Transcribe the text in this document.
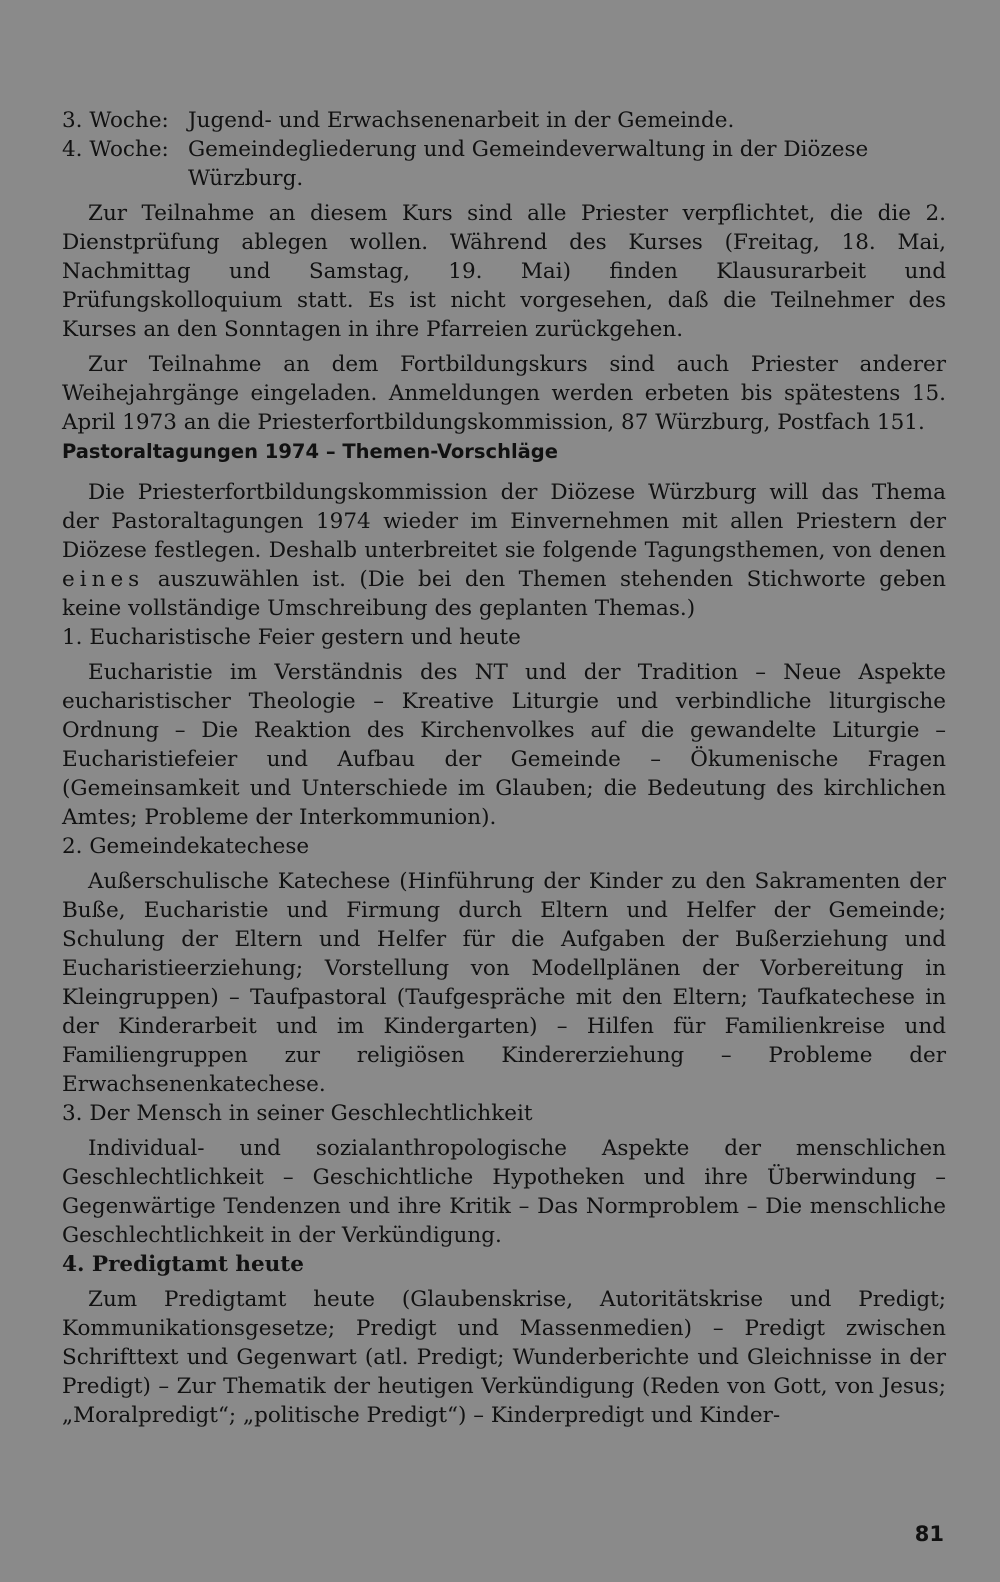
3. Woche: Jugend- und Erwachsenenarbeit in der Gemeinde.
4. Woche: Gemeindegliederung und Gemeindeverwaltung in der Diözese Würzburg.

Zur Teilnahme an diesem Kurs sind alle Priester verpflichtet, die die 2. Dienstprüfung ablegen wollen. Während des Kurses (Freitag, 18. Mai, Nachmittag und Samstag, 19. Mai) finden Klausurarbeit und Prüfungskolloquium statt. Es ist nicht vorgesehen, daß die Teilnehmer des Kurses an den Sonntagen in ihre Pfarreien zurückgehen.

Zur Teilnahme an dem Fortbildungskurs sind auch Priester anderer Weihejahrgänge eingeladen. Anmeldungen werden erbeten bis spätestens 15. April 1973 an die Priesterfortbildungskommission, 87 Würzburg, Postfach 151.

Pastoraltagungen 1974 – Themen-Vorschläge

Die Priesterfortbildungskommission der Diözese Würzburg will das Thema der Pastoraltagungen 1974 wieder im Einvernehmen mit allen Priestern der Diözese festlegen. Deshalb unterbreitet sie folgende Tagungsthemen, von denen eines auszuwählen ist. (Die bei den Themen stehenden Stichworte geben keine vollständige Umschreibung des geplanten Themas.)

1. Eucharistische Feier gestern und heute

Eucharistie im Verständnis des NT und der Tradition – Neue Aspekte eucharistischer Theologie – Kreative Liturgie und verbindliche liturgische Ordnung – Die Reaktion des Kirchenvolkes auf die gewandelte Liturgie – Eucharistiefeier und Aufbau der Gemeinde – Ökumenische Fragen (Gemeinsamkeit und Unterschiede im Glauben; die Bedeutung des kirchlichen Amtes; Probleme der Interkommunion).

2. Gemeindekatechese

Außerschulische Katechese (Hinführung der Kinder zu den Sakramenten der Buße, Eucharistie und Firmung durch Eltern und Helfer der Gemeinde; Schulung der Eltern und Helfer für die Aufgaben der Bußerziehung und Eucharistieerziehung; Vorstellung von Modellplänen der Vorbereitung in Kleingruppen) – Taufpastoral (Taufgespräche mit den Eltern; Taufkatechese in der Kinderarbeit und im Kindergarten) – Hilfen für Familienkreise und Familiengruppen zur religiösen Kindererziehung – Probleme der Erwachsenenkatechese.

3. Der Mensch in seiner Geschlechtlichkeit

Individual- und sozialanthropologische Aspekte der menschlichen Geschlechtlichkeit – Geschichtliche Hypotheken und ihre Überwindung – Gegenwärtige Tendenzen und ihre Kritik – Das Normproblem – Die menschliche Geschlechtlichkeit in der Verkündigung.

4. Predigtamt heute

Zum Predigtamt heute (Glaubenskrise, Autoritätskrise und Predigt; Kommunikationsgesetze; Predigt und Massenmedien) – Predigt zwischen Schrifttext und Gegenwart (atl. Predigt; Wunderberichte und Gleichnisse in der Predigt) – Zur Thematik der heutigen Verkündigung (Reden von Gott, von Jesus; „Moralpredigt“; „politische Predigt“) – Kinderpredigt und Kinder-

81
